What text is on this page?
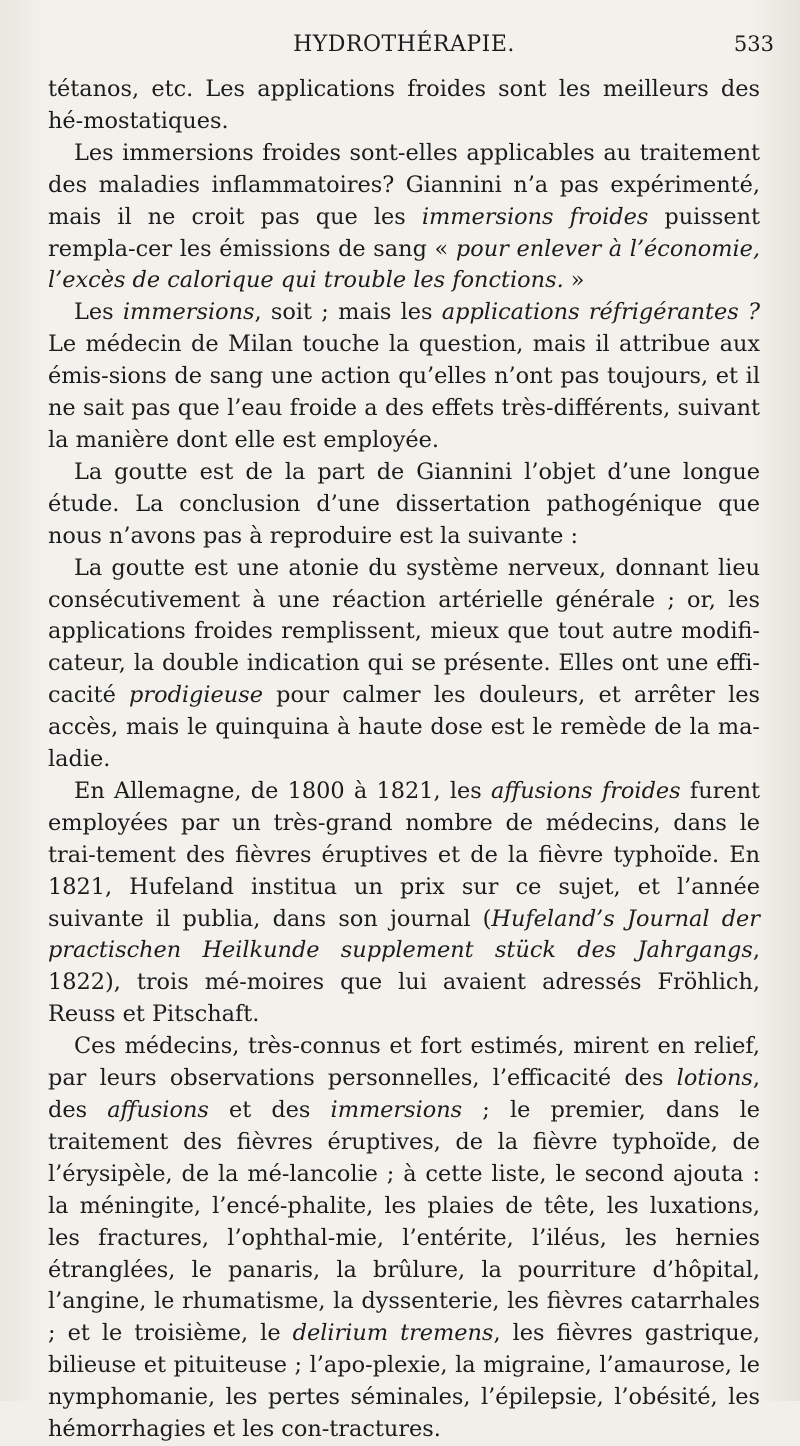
HYDROTHÉRAPIE.	533

tétanos, etc. Les applications froides sont les meilleurs des hé-mostatiques.

Les immersions froides sont-elles applicables au traitement des maladies inflammatoires? Giannini n’a pas expérimenté, mais il ne croit pas que les immersions froides puissent rempla-cer les émissions de sang « pour enlever à l’économie, l’excès de calorique qui trouble les fonctions. »

Les immersions, soit ; mais les applications réfrigérantes ? Le médecin de Milan touche la question, mais il attribue aux émis-sions de sang une action qu’elles n’ont pas toujours, et il ne sait pas que l’eau froide a des effets très-différents, suivant la manière dont elle est employée.

La goutte est de la part de Giannini l’objet d’une longue étude. La conclusion d’une dissertation pathogénique que nous n’avons pas à reproduire est la suivante :

La goutte est une atonie du système nerveux, donnant lieu consécutivement à une réaction artérielle générale ; or, les applications froides remplissent, mieux que tout autre modifi-cateur, la double indication qui se présente. Elles ont une effi-cacité prodigieuse pour calmer les douleurs, et arrêter les accès, mais le quinquina à haute dose est le remède de la ma-ladie.

En Allemagne, de 1800 à 1821, les affusions froides furent employées par un très-grand nombre de médecins, dans le trai-tement des fièvres éruptives et de la fièvre typhoïde. En 1821, Hufeland institua un prix sur ce sujet, et l’année suivante il publia, dans son journal (Hufeland’s Journal der practischen Heilkunde supplement stück des Jahrgangs, 1822), trois mé-moires que lui avaient adressés Fröhlich, Reuss et Pitschaft.

Ces médecins, très-connus et fort estimés, mirent en relief, par leurs observations personnelles, l’efficacité des lotions, des affusions et des immersions ; le premier, dans le traitement des fièvres éruptives, de la fièvre typhoïde, de l’érysipèle, de la mé-lancolie ; à cette liste, le second ajouta : la méningite, l’encé-phalite, les plaies de tête, les luxations, les fractures, l’ophthal-mie, l’entérite, l’iléus, les hernies étranglées, le panaris, la brûlure, la pourriture d’hôpital, l’angine, le rhumatisme, la dyssenterie, les fièvres catarrhales ; et le troisième, le delirium tremens, les fièvres gastrique, bilieuse et pituiteuse ; l’apo-plexie, la migraine, l’amaurose, le nymphomanie, les pertes séminales, l’épilepsie, l’obésité, les hémorrhagies et les con-tractures.
